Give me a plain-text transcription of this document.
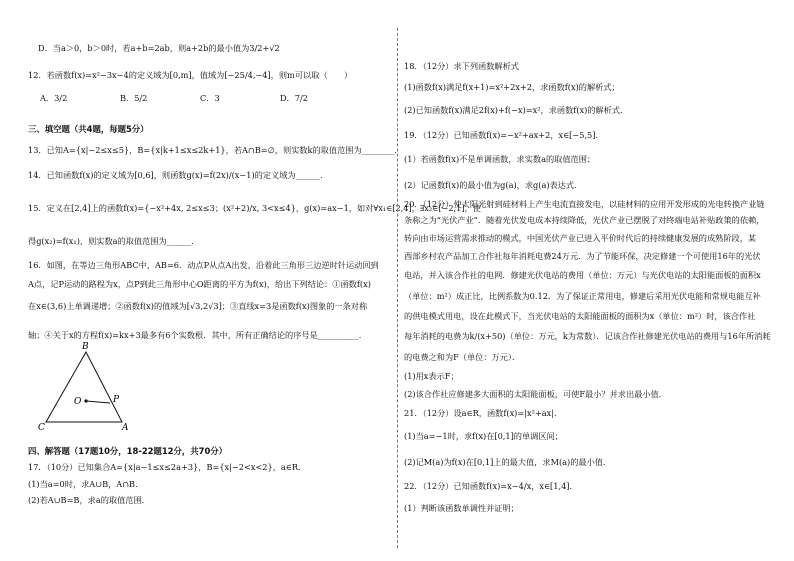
D．当a＞0，b＞0时，若a+b=2ab，则a+2b的最小值为3/2+√2
12．若函数f(x)=x²−3x−4的定义域为[0,m]，值域为[−25/4,−4]，则m可以取（　　）
A．3/2	B．5/2	C．3	D．7/2
三、填空题（共4题，每题5分）
13．已知A={x|−2≤x≤5}，B={x|k+1≤x≤2k+1}，若A∩B=∅，则实数k的取值范围为________．
14．已知函数f(x)的定义域为[0,6]，则函数g(x)=f(2x)/(x−1)的定义域为______．
15．定义在[2,4]上的函数f(x)={−x²+4x, 2≤x≤3；(x²+2)/x, 3<x≤4}，g(x)=ax−1，如对∀x₁∈[2,4]，∃x₂∈[−2,1]，使
得g(x₂)=f(x₁)，则实数a的取值范围为______．
16．如图，在等边三角形ABC中，AB=6．动点P从点A出发，沿着此三角形三边逆时针运动回到
A点，记P运动的路程为x，点P到此三角形中心O距离的平方为f(x)，给出下列结论：①函数f(x)
在x∈(3,6)上单调递增；②函数f(x)的值域为[√3,2√3]；③直线x=3是函数f(x)图象的一条对称
轴；④关于x的方程f(x)=kx+3最多有6个实数根．其中，所有正确结论的序号是__________．
B
O	P
C	A
四、解答题（17题10分，18-22题12分，共70分）
17．（10分）已知集合A={x|a−1≤x≤2a+3}，B={x|−2<x<2}，a∈R．
(1)当a=0时，求A∪B，A∩B．
(2)若A∪B=B，求a的取值范围．
18．（12分）求下列函数解析式
(1)函数f(x)满足f(x+1)=x²+2x+2，求函数f(x)的解析式；
(2)已知函数f(x)满足2f(x)+f(−x)=x²，求函数f(x)的解析式．
19．（12分）已知函数f(x)=−x²+ax+2，x∈[−5,5]．
(1）若函数f(x)不是单调函数，求实数a的取值范围；
(2）记函数f(x)的最小值为g(a)，求g(a)表达式．
20．（12分）使太阳光射到硅材料上产生电流直接发电，以硅材料的应用开发形成的光电转换产业链
条称之为“光伏产业”．随着光伏发电成本持续降低，光伏产业已摆脱了对终端电站补贴政策的依赖，
转向由市场运营需求推动的模式，中国光伏产业已进入平价时代后的持续健康发展的成熟阶段，某
西部乡村农产品加工合作社每年消耗电费24万元．为了节能环保，决定修建一个可使用16年的光伏
电站，并入该合作社的电网．修建光伏电站的费用（单位：万元）与光伏电站的太阳能面板的面积x
（单位：m²）成正比，比例系数为0.12．为了保证正常用电，修建后采用光伏电能和常规电能互补
的供电模式用电，设在此模式下，当光伏电站的太阳能面板的面积为x（单位：m²）时，该合作社
每年消耗的电费为k/(x+50)（单位：万元，k为常数）．记该合作社修建光伏电站的费用与16年所消耗
的电费之和为F（单位：万元）．
(1)用x表示F；
(2)该合作社应修建多大面积的太阳能面板，可使F最小？并求出最小值．
21．（12分）设a∈R，函数f(x)=|x²+ax|．
(1)当a=−1时，求f(x)在[0,1]的单调区间；
(2)记M(a)为f(x)在[0,1]上的最大值，求M(a)的最小值．
22．（12分）已知函数f(x)=x−4/x，x∈[1,4]．
(1）判断该函数单调性并证明；
